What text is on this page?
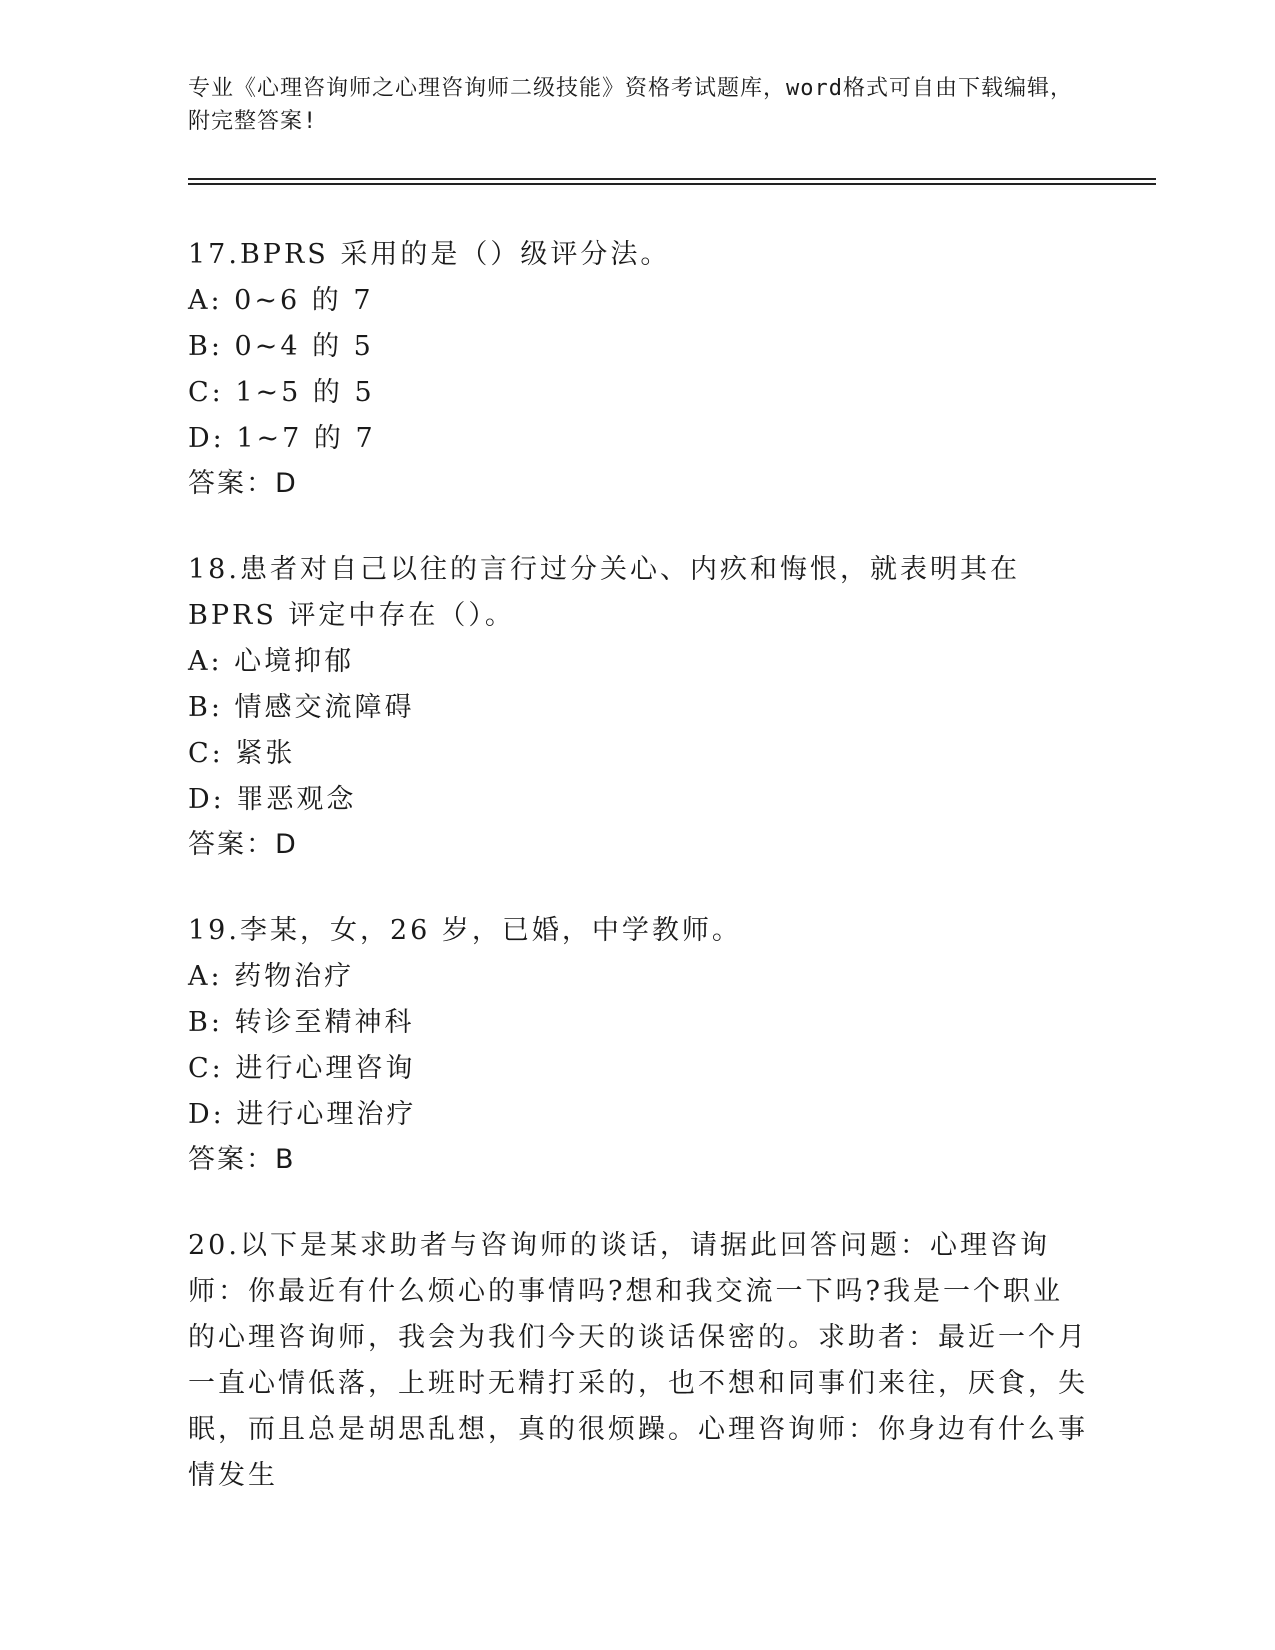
专业《心理咨询师之心理咨询师二级技能》资格考试题库，word格式可自由下载编辑，附完整答案!

17.BPRS 采用的是（）级评分法。

A: 0~6 的 7

B: 0~4 的 5

C: 1~5 的 5

D: 1~7 的 7

答案：D

18.患者对自己以往的言行过分关心、内疚和悔恨，就表明其在 BPRS 评定中存在（）。

A: 心境抑郁

B: 情感交流障碍

C: 紧张

D: 罪恶观念

答案：D

19.李某，女，26 岁，已婚，中学教师。

A: 药物治疗

B: 转诊至精神科

C: 进行心理咨询

D: 进行心理治疗

答案：B

20.以下是某求助者与咨询师的谈话，请据此回答问题：心理咨询师：你最近有什么烦心的事情吗?想和我交流一下吗?我是一个职业的心理咨询师，我会为我们今天的谈话保密的。求助者：最近一个月一直心情低落，上班时无精打采的，也不想和同事们来往，厌食，失眠，而且总是胡思乱想，真的很烦躁。心理咨询师：你身边有什么事情发生
